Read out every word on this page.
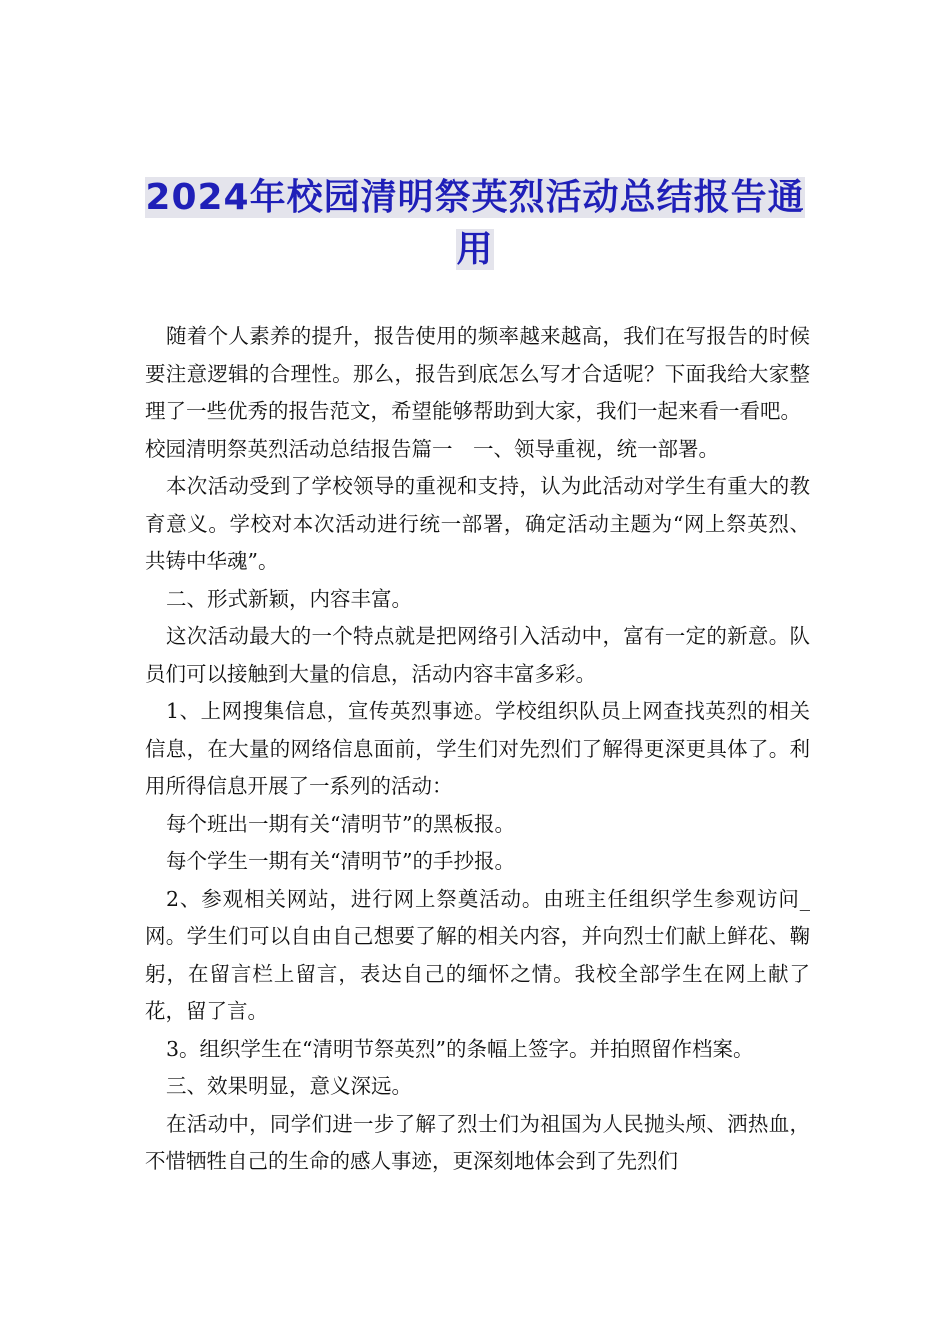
2024年校园清明祭英烈活动总结报告通用

随着个人素养的提升，报告使用的频率越来越高，我们在写报告的时候要注意逻辑的合理性。那么，报告到底怎么写才合适呢？下面我给大家整理了一些优秀的报告范文，希望能够帮助到大家，我们一起来看一看吧。

校园清明祭英烈活动总结报告篇一　一、领导重视，统一部署。

本次活动受到了学校领导的重视和支持，认为此活动对学生有重大的教育意义。学校对本次活动进行统一部署，确定活动主题为“网上祭英烈、共铸中华魂”。

二、形式新颖，内容丰富。

这次活动最大的一个特点就是把网络引入活动中，富有一定的新意。队员们可以接触到大量的信息，活动内容丰富多彩。

1、上网搜集信息，宣传英烈事迹。学校组织队员上网查找英烈的相关信息，在大量的网络信息面前，学生们对先烈们了解得更深更具体了。利用所得信息开展了一系列的活动：

每个班出一期有关“清明节”的黑板报。

每个学生一期有关“清明节”的手抄报。

2、参观相关网站，进行网上祭奠活动。由班主任组织学生参观访问_网。学生们可以自由自己想要了解的相关内容，并向烈士们献上鲜花、鞠躬，在留言栏上留言，表达自己的缅怀之情。我校全部学生在网上献了花，留了言。

3。组织学生在“清明节祭英烈”的条幅上签字。并拍照留作档案。

三、效果明显，意义深远。

在活动中，同学们进一步了解了烈士们为祖国为人民抛头颅、洒热血，不惜牺牲自己的生命的感人事迹，更深刻地体会到了先烈们
